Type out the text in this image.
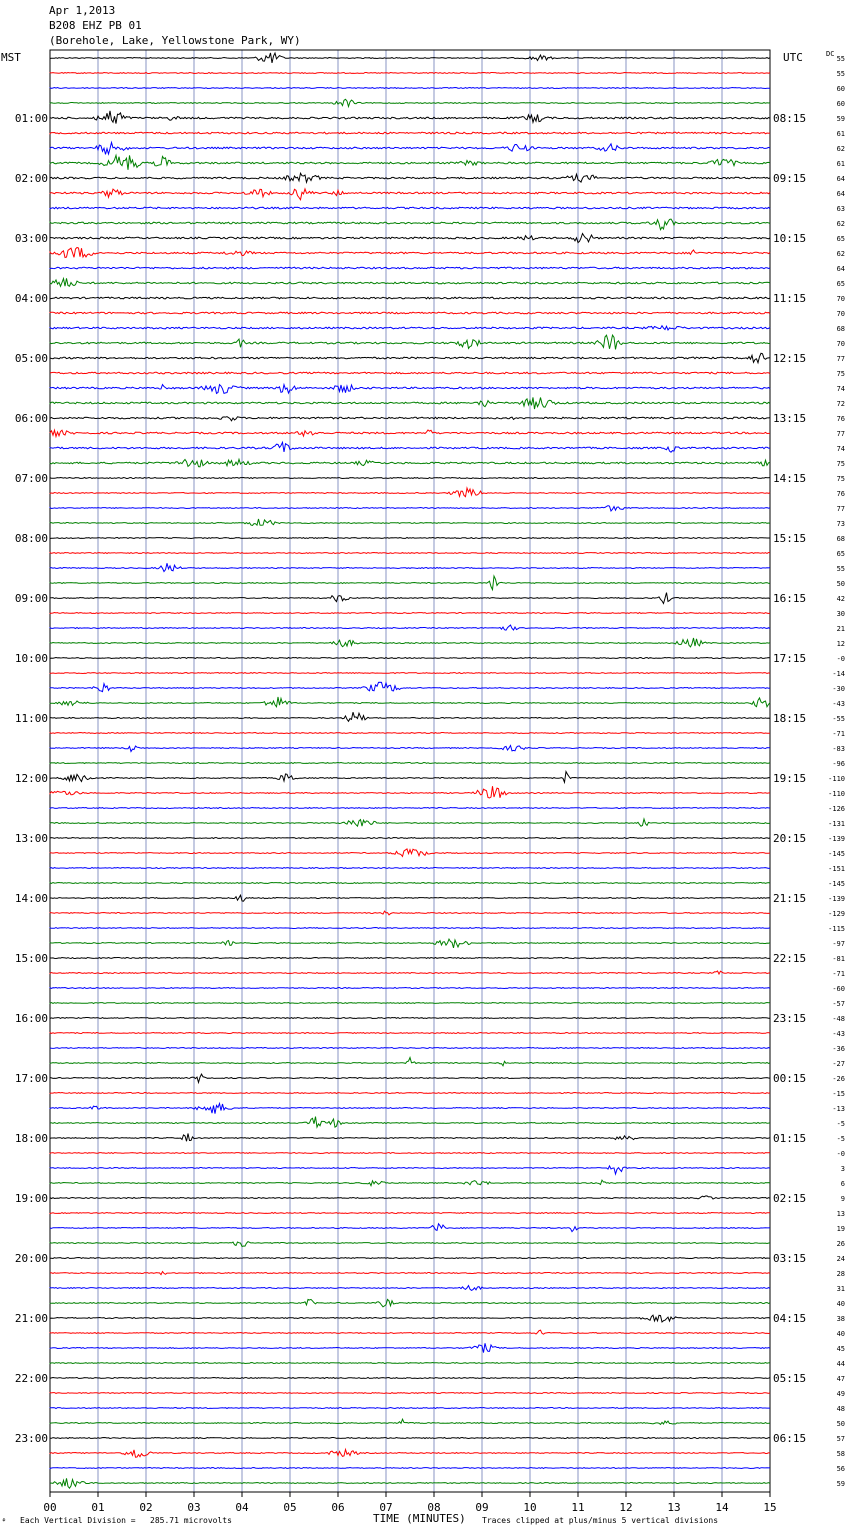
Apr 1,2013
B208 EHZ PB 01
(Borehole, Lake, Yellowstone Park, WY)
MST	UTC	DC
01:00
02:00
03:00
04:00
05:00
06:00
07:00
08:00
09:00
10:00
11:00
12:00
13:00
14:00
15:00
16:00
17:00
18:00
19:00
20:00
21:00
22:00
23:00
08:15
09:15
10:15
11:15
12:15
13:15
14:15
15:15
16:15
17:15
18:15
19:15
20:15
21:15
22:15
23:15
00:15
01:15
02:15
03:15
04:15
05:15
06:15
55
55
60
60
59
61
62
61
64
64
63
62
65
62
64
65
70
70
68
70
77
75
74
72
76
77
74
75
75
76
77
73
68
65
55
50
42
30
21
12
-0
-14
-30
-43
-55
-71
-83
-96
-110
-110
-126
-131
-139
-145
-151
-145
-139
-129
-115
-97
-81
-71
-60
-57
-48
-43
-36
-27
-26
-15
-13
-5
-5
-0
3
6
9
13
19
26
24
28
31
40
38
40
45
44
47
49
48
50
57
58
56
59
00	01	02	03	04	05	06	07	08	09	10	11	12	13	14	15
⚘ Each Vertical Division =   285.71 microvolts	TIME (MINUTES) Traces clipped at plus/minus 5 vertical divisions
